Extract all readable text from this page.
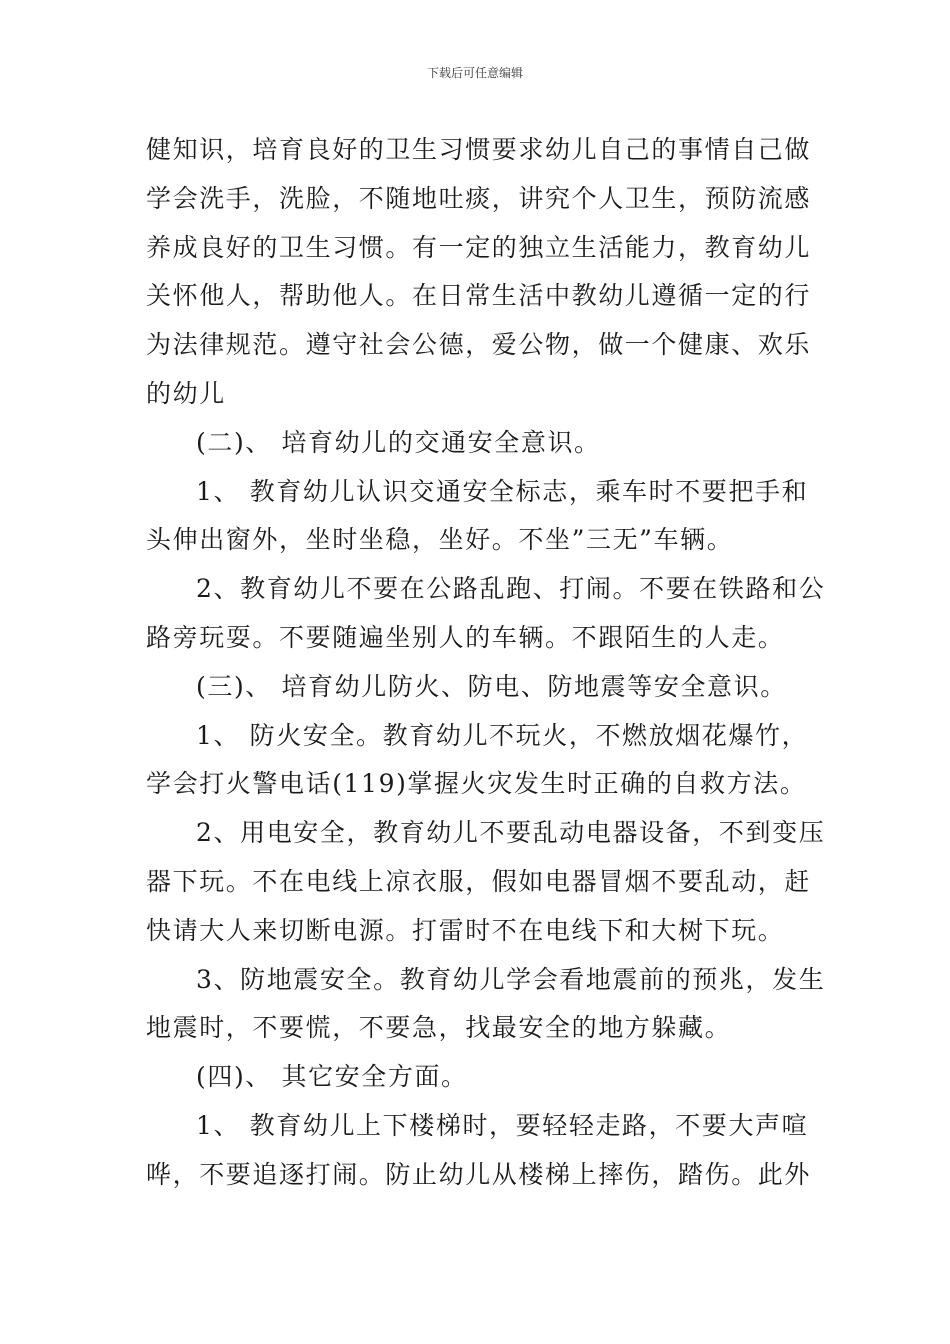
下载后可任意编辑
健知识，培育良好的卫生习惯要求幼儿自己的事情自己做
学会洗手，洗脸，不随地吐痰，讲究个人卫生，预防流感
养成良好的卫生习惯。有一定的独立生活能力，教育幼儿
关怀他人，帮助他人。在日常生活中教幼儿遵循一定的行
为法律规范。遵守社会公德，爱公物，做一个健康、欢乐
的幼儿
(二)、 培育幼儿的交通安全意识。
1、 教育幼儿认识交通安全标志，乘车时不要把手和
头伸出窗外，坐时坐稳，坐好。不坐”三无”车辆。
2、教育幼儿不要在公路乱跑、打闹。不要在铁路和公
路旁玩耍。不要随遍坐别人的车辆。不跟陌生的人走。
(三)、 培育幼儿防火、防电、防地震等安全意识。
1、 防火安全。教育幼儿不玩火，不燃放烟花爆竹，
学会打火警电话(119)掌握火灾发生时正确的自救方法。
2、用电安全，教育幼儿不要乱动电器设备，不到变压
器下玩。不在电线上凉衣服，假如电器冒烟不要乱动，赶
快请大人来切断电源。打雷时不在电线下和大树下玩。
3、防地震安全。教育幼儿学会看地震前的预兆，发生
地震时，不要慌，不要急，找最安全的地方躲藏。
(四)、 其它安全方面。
1、 教育幼儿上下楼梯时，要轻轻走路，不要大声喧
哗，不要追逐打闹。防止幼儿从楼梯上摔伤，踏伤。此外
